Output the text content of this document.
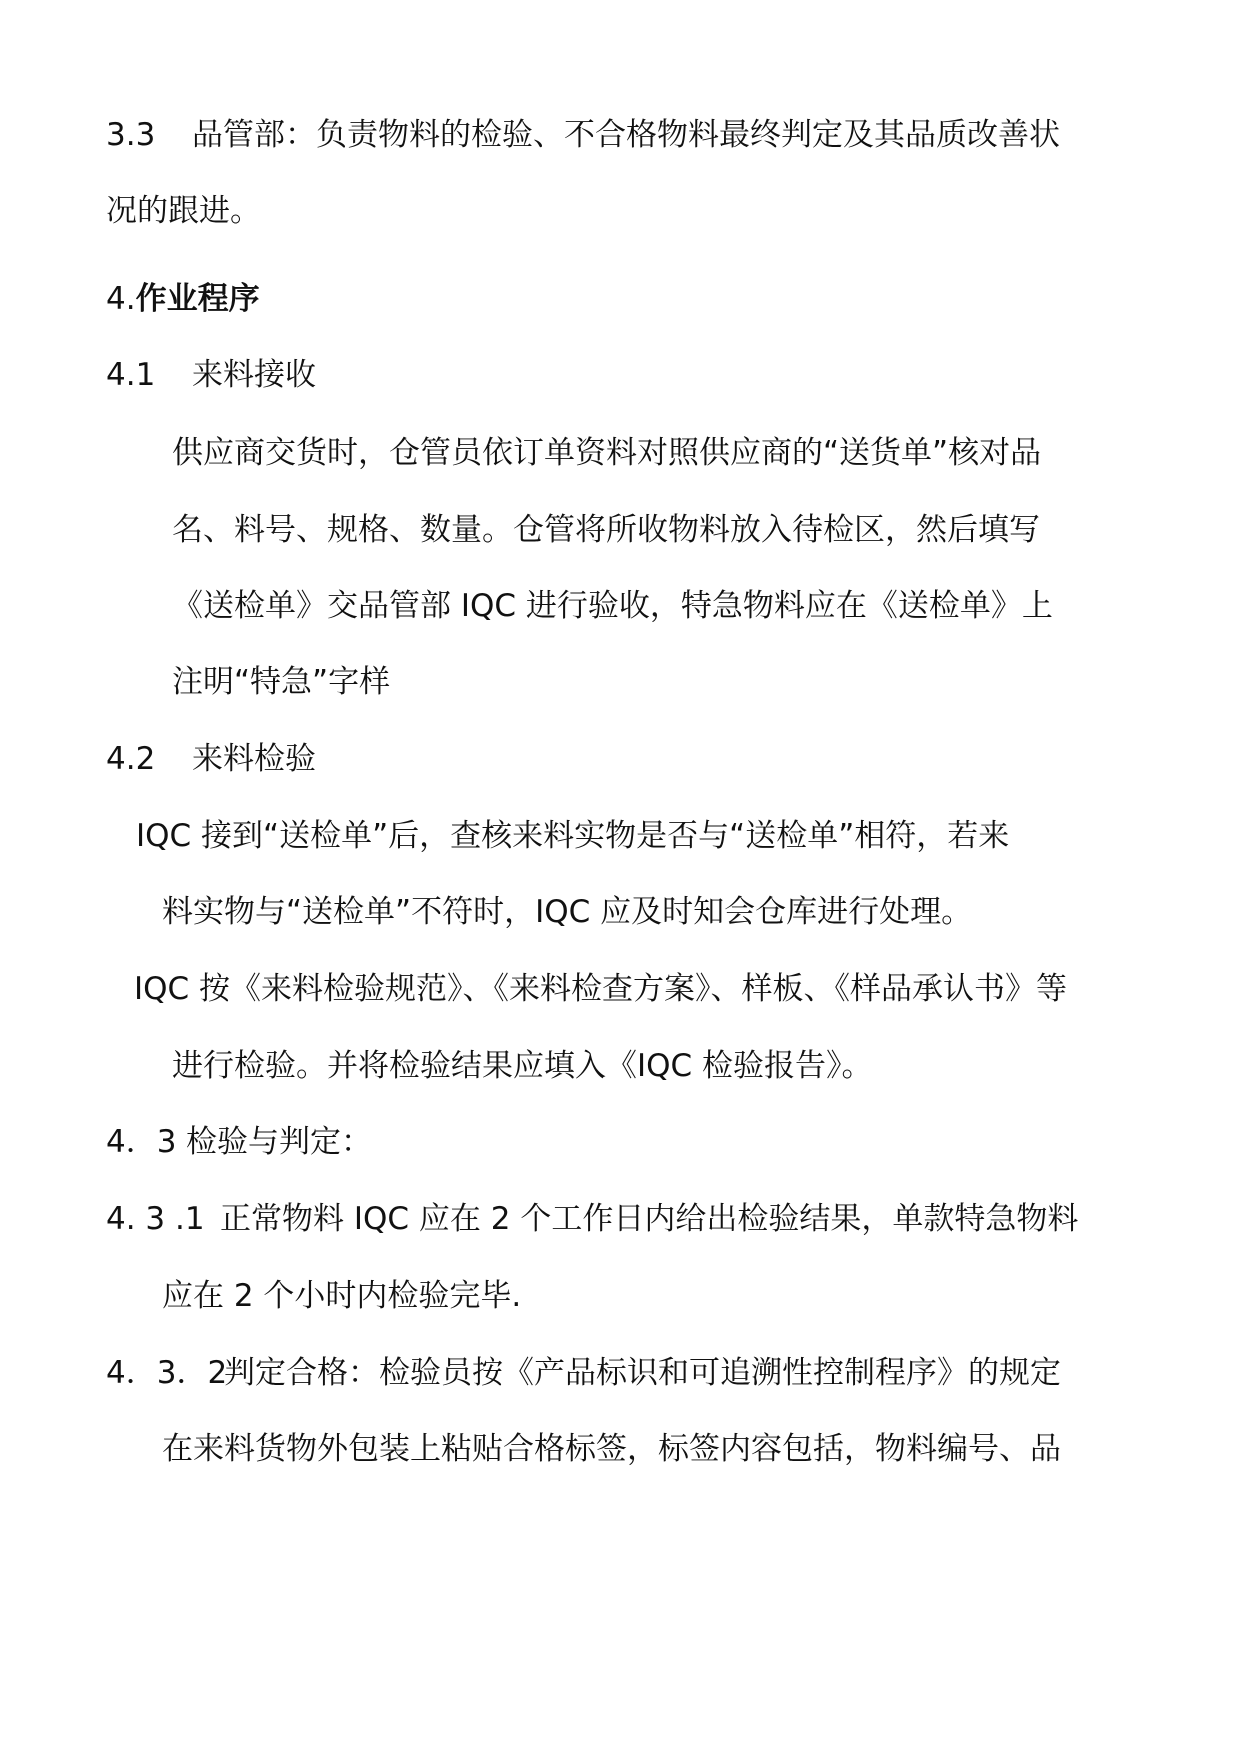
3.3 品管部：负责物料的检验、不合格物料最终判定及其品质改善状
况的跟进。
4.作业程序
4.1 来料接收
供应商交货时，仓管员依订单资料对照供应商的“送货单”核对品
名、料号、规格、数量。仓管将所收物料放入待检区，然后填写
《送检单》交品管部 IQC 进行验收，特急物料应在《送检单》上
注明“特急”字样
4.2 来料检验
IQC 接到“送检单”后，查核来料实物是否与“送检单”相符，若来
料实物与“送检单”不符时，IQC 应及时知会仓库进行处理。
IQC 按《来料检验规范》、《来料检查方案》、样板、《样品承认书》等
进行检验。并将检验结果应填入《IQC 检验报告》。
4．3 检验与判定：
4. 3 .1 正常物料 IQC 应在 2 个工作日内给出检验结果，单款特急物料
应在 2 个小时内检验完毕.
4．3．2
判定合格：检验员按《产品标识和可追溯性控制程序》的规定
在来料货物外包装上粘贴合格标签，标签内容包括，物料编号、品
